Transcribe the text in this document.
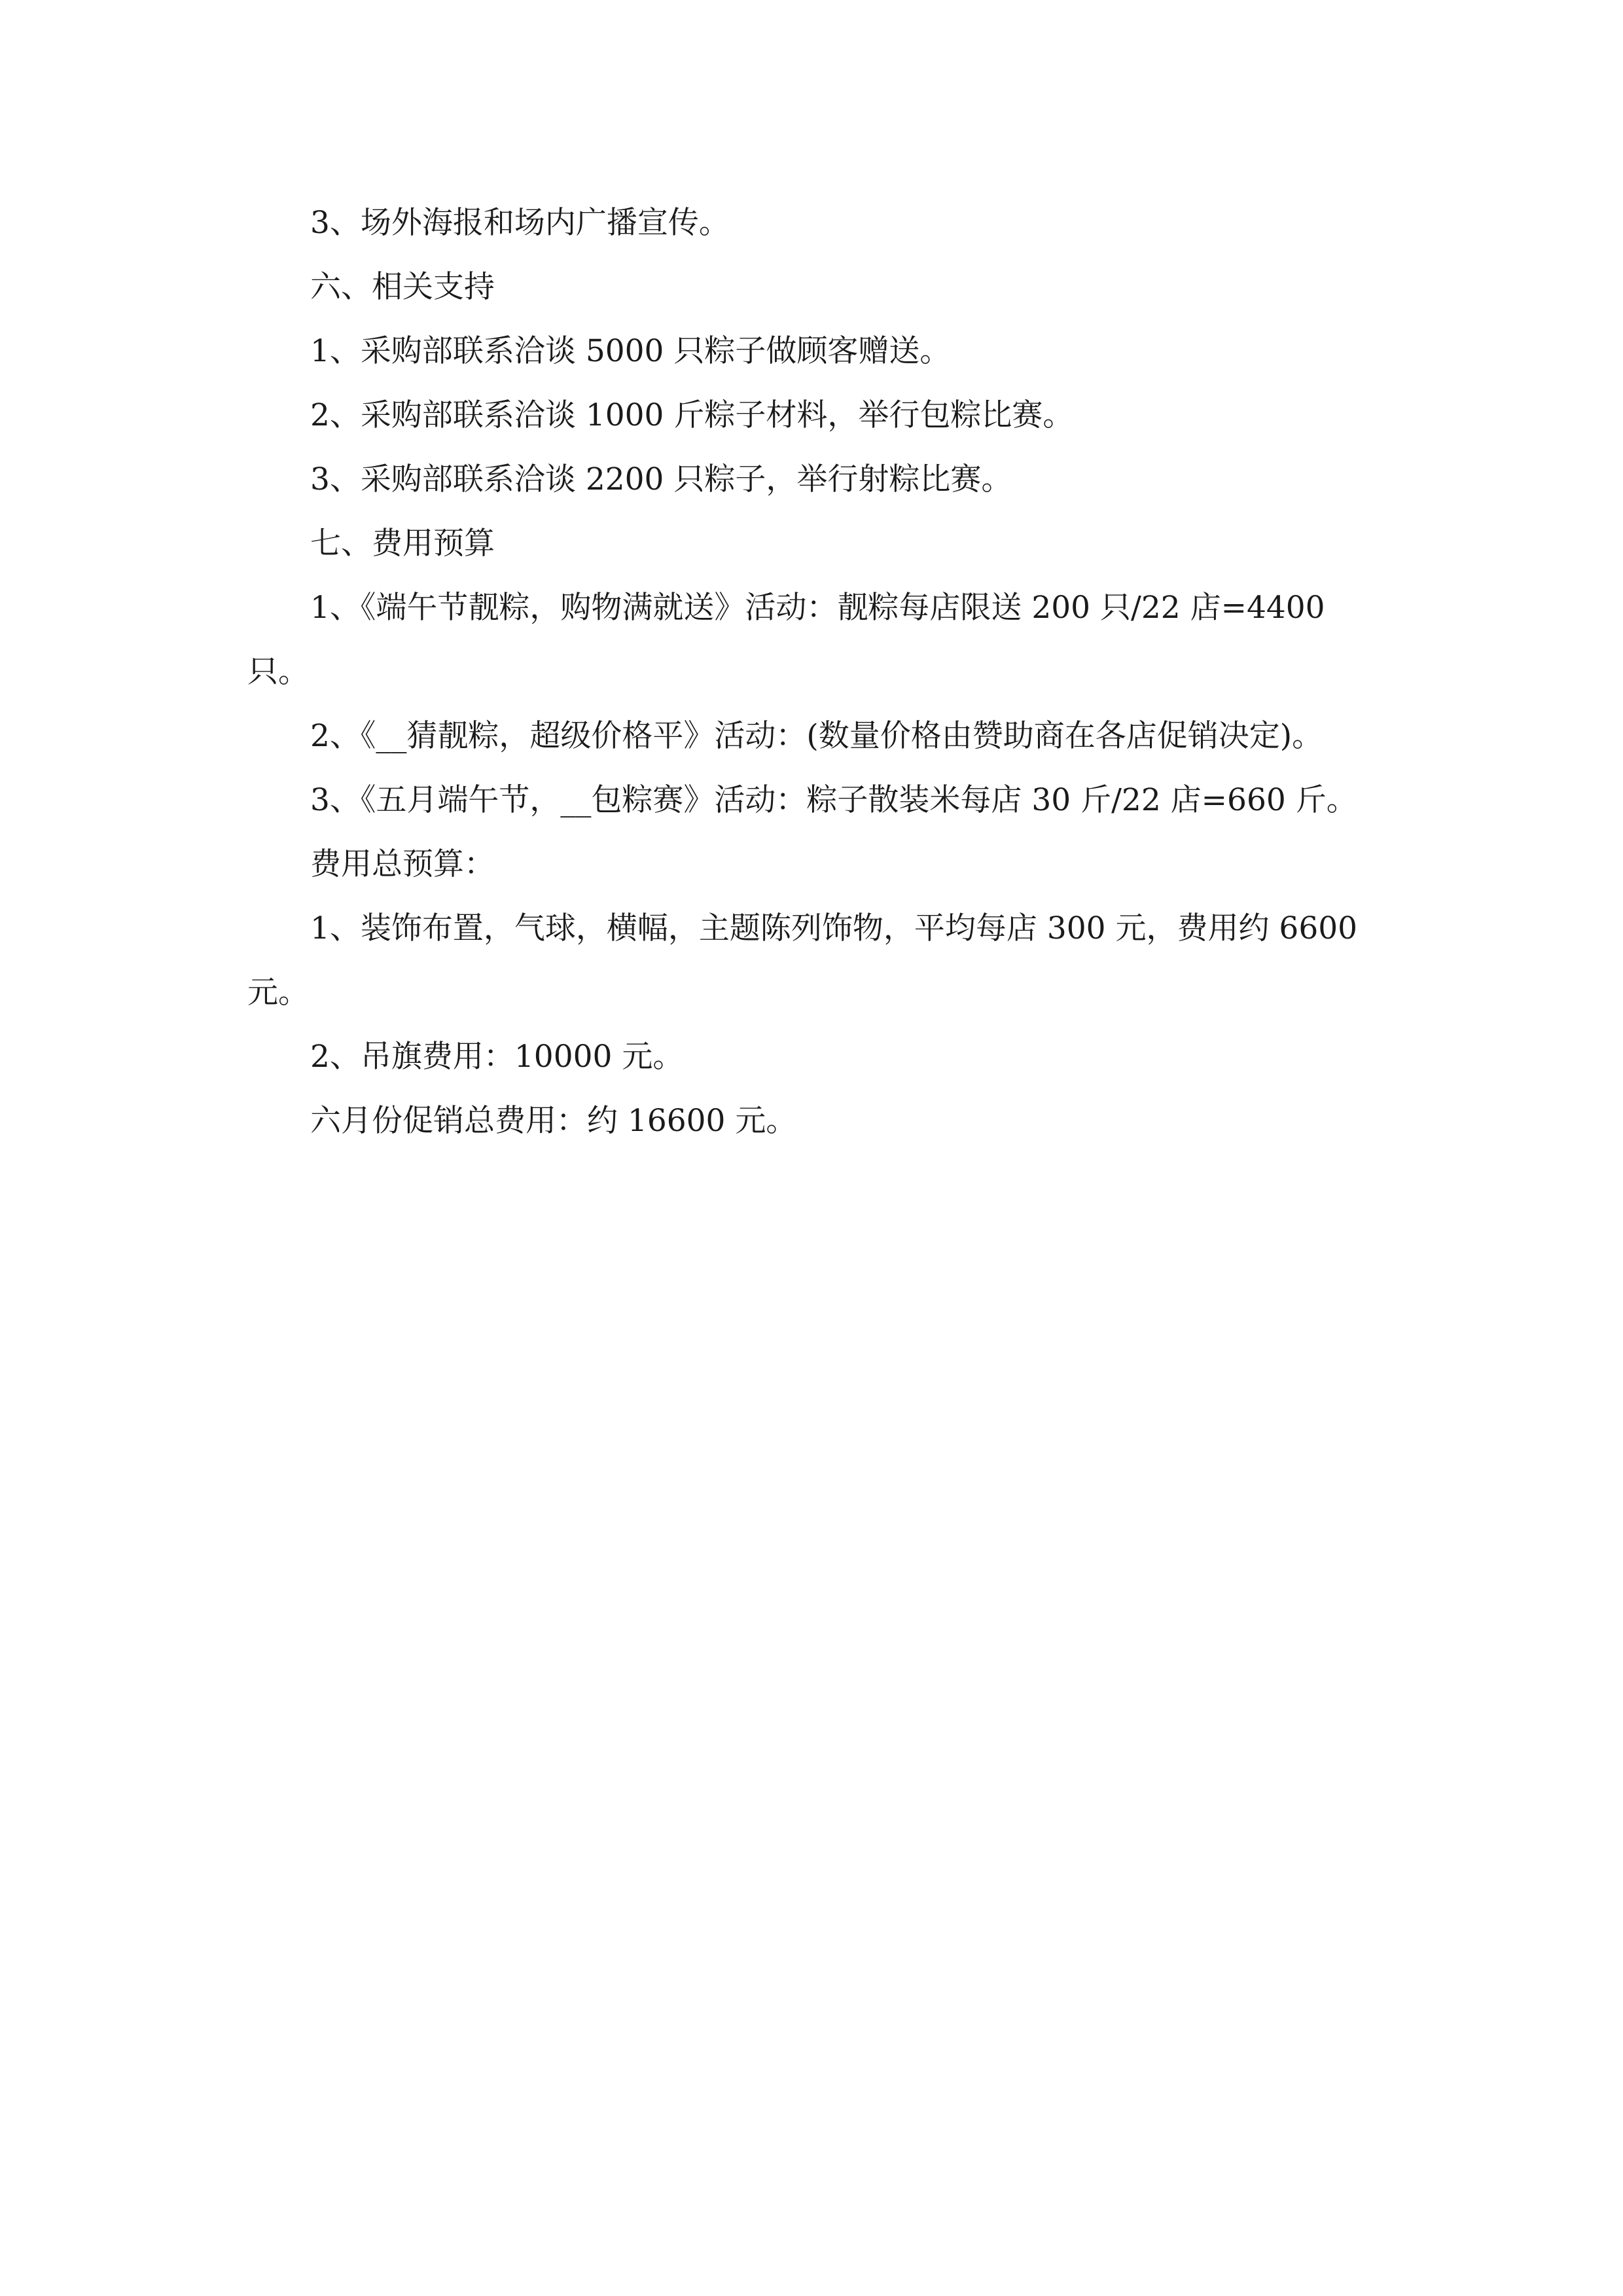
3、场外海报和场内广播宣传。

六、相关支持

1、采购部联系洽谈 5000 只粽子做顾客赠送。

2、采购部联系洽谈 1000 斤粽子材料，举行包粽比赛。

3、采购部联系洽谈 2200 只粽子，举行射粽比赛。

七、费用预算

1、《端午节靓粽，购物满就送》活动：靓粽每店限送 200 只/22 店=4400 只。

2、《__猜靓粽，超级价格平》活动：(数量价格由赞助商在各店促销决定)。

3、《五月端午节，__包粽赛》活动：粽子散装米每店 30 斤/22 店=660 斤。

费用总预算：

1、装饰布置，气球，横幅，主题陈列饰物，平均每店 300 元，费用约 6600 元。

2、吊旗费用：10000 元。

六月份促销总费用：约 16600 元。
